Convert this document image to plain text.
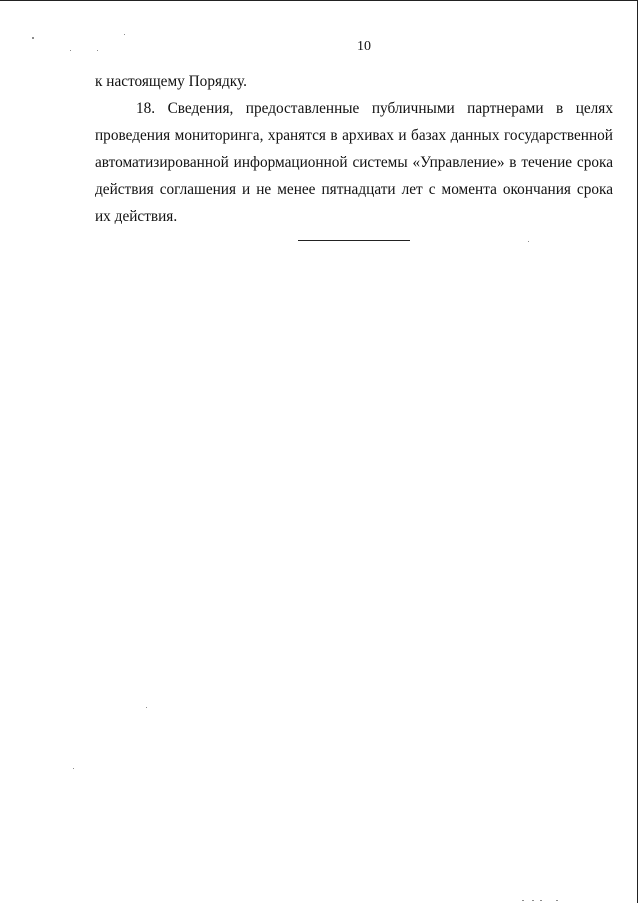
10
к настоящему Порядку.
18. Сведения, предоставленные публичными партнерами в целях
проведения мониторинга, хранятся в архивах и базах данных государственной
автоматизированной информационной системы «Управление» в течение срока
действия соглашения и не менее пятнадцати лет с момента окончания срока
их действия.
